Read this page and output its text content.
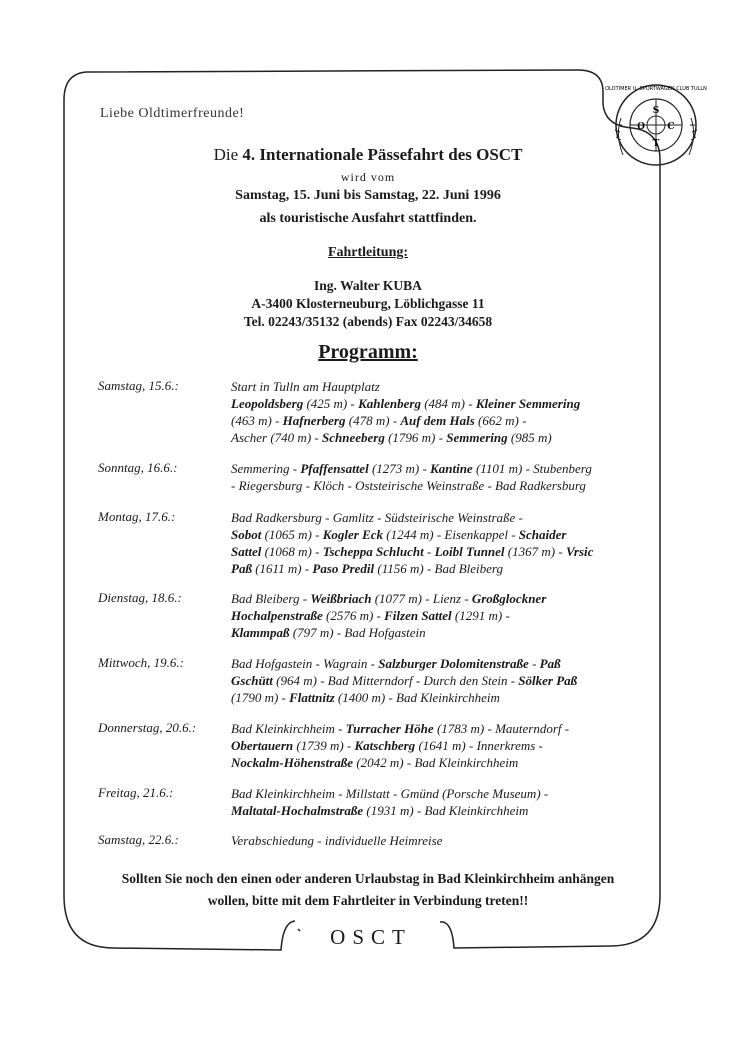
OLDTIMER U. SPORTWAGEN CLUB TULLN
S
O C
T
Liebe Oldtimerfreunde!
Die 4. Internationale Pässefahrt des OSCT
wird vom
Samstag, 15. Juni bis Samstag, 22. Juni 1996
als touristische Ausfahrt stattfinden.
Fahrtleitung:
Ing. Walter KUBA
A-3400 Klosterneuburg, Löblichgasse 11
Tel. 02243/35132 (abends) Fax 02243/34658
Programm:
Samstag, 15.6.:	Start in Tulln am Hauptplatz
Leopoldsberg (425 m) - Kahlenberg (484 m) - Kleiner Semmering
(463 m) - Hafnerberg (478 m) - Auf dem Hals (662 m) -
Ascher (740 m) - Schneeberg (1796 m) - Semmering (985 m)
Sonntag, 16.6.:	Semmering - Pfaffensattel (1273 m) - Kantine (1101 m) - Stubenberg
- Riegersburg - Klöch - Oststeirische Weinstraße - Bad Radkersburg
Montag, 17.6.:	Bad Radkersburg - Gamlitz - Südsteirische Weinstraße -
Sobot (1065 m) - Kogler Eck (1244 m) - Eisenkappel - Schaider
Sattel (1068 m) - Tscheppa Schlucht - Loibl Tunnel (1367 m) - Vrsic
Paß (1611 m) - Paso Predil (1156 m) - Bad Bleiberg
Dienstag, 18.6.:	Bad Bleiberg - Weißbriach (1077 m) - Lienz - Großglockner
Hochalpenstraße (2576 m) - Filzen Sattel (1291 m) -
Klammpaß (797 m) - Bad Hofgastein
Mittwoch, 19.6.:	Bad Hofgastein - Wagrain - Salzburger Dolomitenstraße - Paß
Gschütt (964 m) - Bad Mitterndorf - Durch den Stein - Sölker Paß
(1790 m) - Flattnitz (1400 m) - Bad Kleinkirchheim
Donnerstag, 20.6.:	Bad Kleinkirchheim - Turracher Höhe (1783 m) - Mauterndorf -
Obertauern (1739 m) - Katschberg (1641 m) - Innerkrems -
Nockalm-Höhenstraße (2042 m) - Bad Kleinkirchheim
Freitag, 21.6.:	Bad Kleinkirchheim - Millstatt - Gmünd (Porsche Museum) -
Maltatal-Hochalmstraße (1931 m) - Bad Kleinkirchheim
Samstag, 22.6.:	Verabschiedung - individuelle Heimreise
Sollten Sie noch den einen oder anderen Urlaubstag in Bad Kleinkirchheim anhängen
wollen, bitte mit dem Fahrtleiter in Verbindung treten!!
OSCT
